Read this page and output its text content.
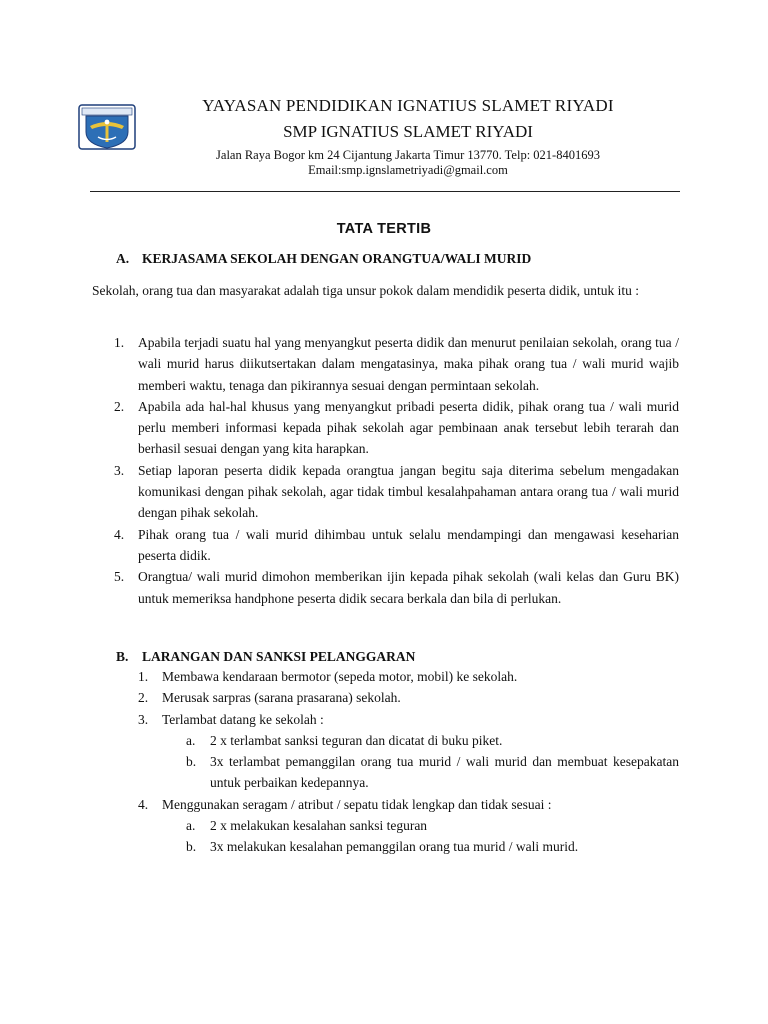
YAYASAN PENDIDIKAN IGNATIUS SLAMET RIYADI
SMP IGNATIUS SLAMET RIYADI
Jalan Raya Bogor km 24 Cijantung Jakarta Timur 13770. Telp: 021-8401693
Email:smp.ignslametriyadi@gmail.com
TATA TERTIB
A. KERJASAMA SEKOLAH DENGAN ORANGTUA/WALI MURID
Sekolah, orang tua dan masyarakat adalah tiga unsur pokok dalam mendidik peserta didik, untuk itu :
1. Apabila terjadi suatu hal yang menyangkut peserta didik dan menurut penilaian sekolah, orang tua / wali murid harus diikutsertakan dalam mengatasinya, maka pihak orang tua / wali murid wajib memberi waktu, tenaga dan pikirannya sesuai dengan permintaan sekolah.
2. Apabila ada hal-hal khusus yang menyangkut pribadi peserta didik, pihak orang tua / wali murid perlu memberi informasi kepada pihak sekolah agar pembinaan anak tersebut lebih terarah dan berhasil sesuai dengan yang kita harapkan.
3. Setiap laporan peserta didik kepada orangtua jangan begitu saja diterima sebelum mengadakan komunikasi dengan pihak sekolah, agar tidak timbul kesalahpahaman antara orang tua / wali murid dengan pihak sekolah.
4. Pihak orang tua / wali murid dihimbau untuk selalu mendampingi dan mengawasi keseharian peserta didik.
5. Orangtua/ wali murid dimohon memberikan ijin kepada pihak sekolah (wali kelas dan Guru BK) untuk memeriksa handphone peserta didik secara berkala dan bila di perlukan.
B. LARANGAN DAN SANKSI PELANGGARAN
1. Membawa kendaraan bermotor (sepeda motor, mobil) ke sekolah.
2. Merusak sarpras (sarana prasarana) sekolah.
3. Terlambat datang ke sekolah :
a. 2 x terlambat sanksi teguran dan dicatat di buku piket.
b. 3x terlambat pemanggilan orang tua murid / wali murid dan membuat kesepakatan untuk perbaikan kedepannya.
4. Menggunakan seragam / atribut / sepatu tidak lengkap dan tidak sesuai :
a. 2 x melakukan kesalahan sanksi teguran
b. 3x melakukan kesalahan pemanggilan orang tua murid / wali murid.
